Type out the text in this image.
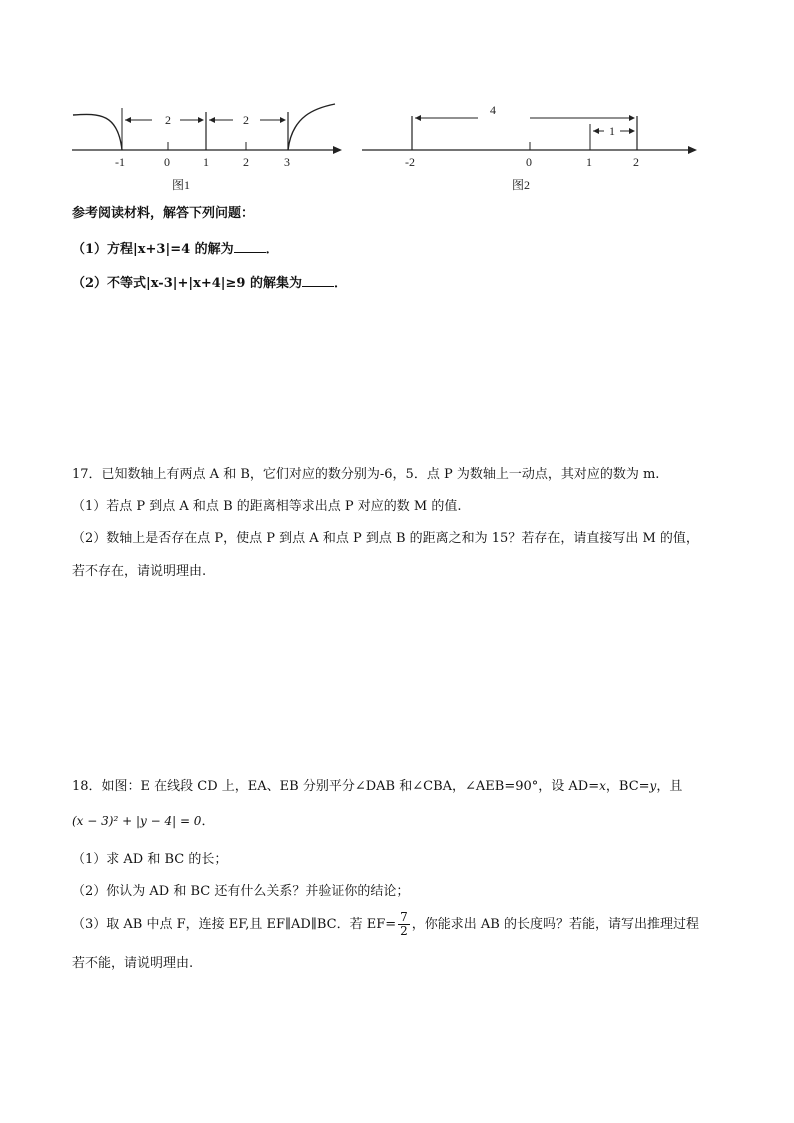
2	2
-1	0	1	2	3
图1
4
1
-2	0	1	2
图2
参考阅读材料，解答下列问题：
（1）方程|x+3|=4 的解为 ．
（2）不等式|x-3|+|x+4|≥9 的解集为 ．
17．已知数轴上有两点 A 和 B，它们对应的数分别为-6，5．点 P 为数轴上一动点，其对应的数为 m.
（1）若点 P 到点 A 和点 B 的距离相等求出点 P 对应的数 M 的值.
（2）数轴上是否存在点 P，使点 P 到点 A 和点 P 到点 B 的距离之和为 15？若存在，请直接写出 M 的值，
若不存在，请说明理由.
18．如图：E 在线段 CD 上，EA、EB 分别平分∠DAB 和∠CBA，∠AEB=90°，设 AD=x，BC=y，且
(x − 3)² + |y − 4| = 0．
（1）求 AD 和 BC 的长；
（2）你认为 AD 和 BC 还有什么关系？并验证你的结论；
（3）取 AB 中点 F，连接 EF,且 EF∥AD∥BC．若 $EF= \frac{7}{2}$ ，你能求出 AB 的长度吗？若能，请写出推理过程
若不能，请说明理由.
